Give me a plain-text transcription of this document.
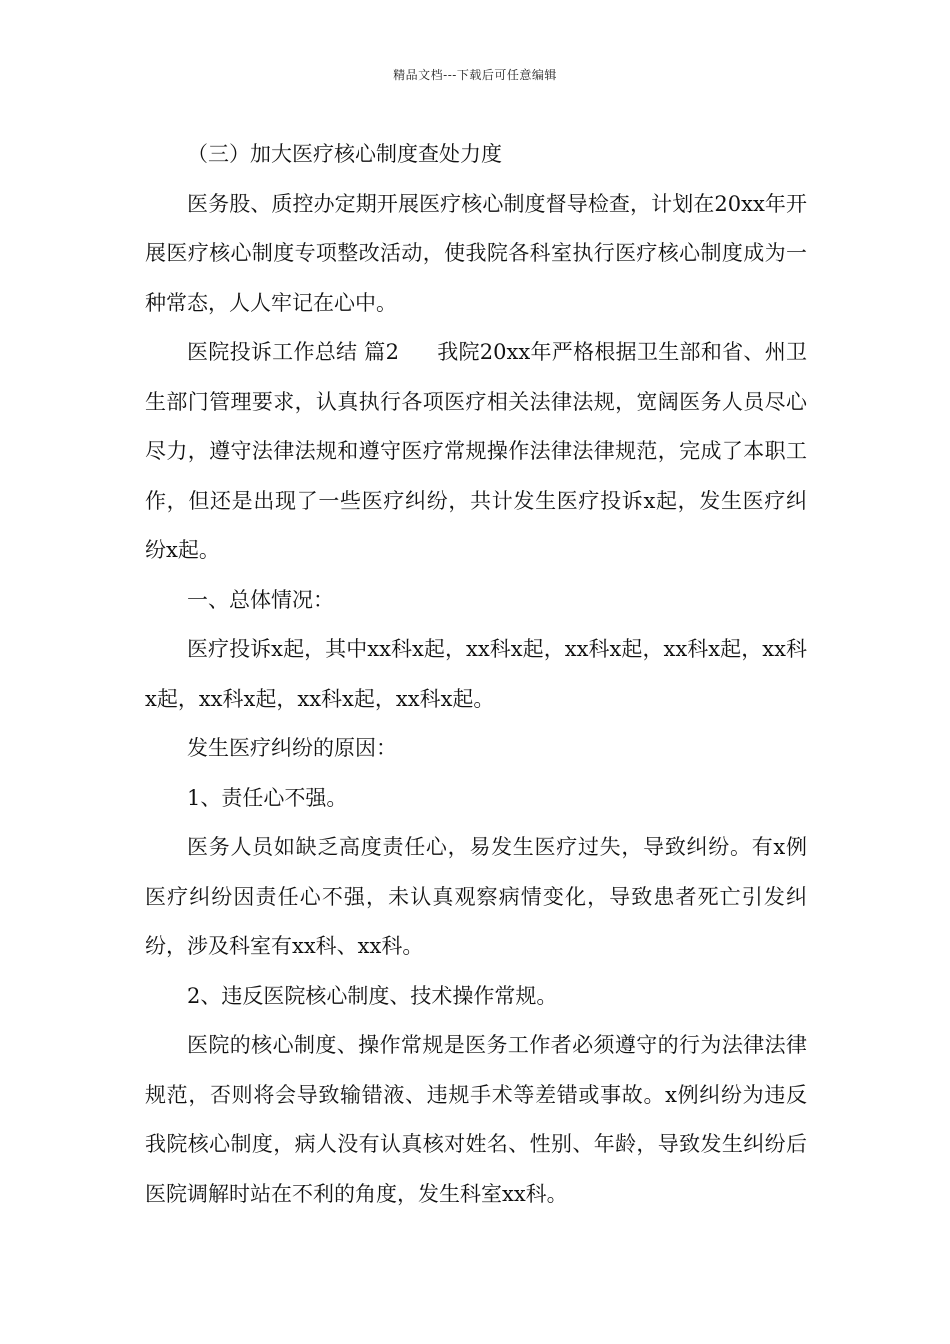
精品文档---下载后可任意编辑

（三）加大医疗核心制度查处力度

医务股、质控办定期开展医疗核心制度督导检查，计划在20xx年开展医疗核心制度专项整改活动，使我院各科室执行医疗核心制度成为一种常态，人人牢记在心中。

医院投诉工作总结 篇2 我院20xx年严格根据卫生部和省、州卫生部门管理要求，认真执行各项医疗相关法律法规，宽阔医务人员尽心尽力，遵守法律法规和遵守医疗常规操作法律法律规范，完成了本职工作，但还是出现了一些医疗纠纷，共计发生医疗投诉x起，发生医疗纠纷x起。

一、总体情况：

医疗投诉x起，其中xx科x起，xx科x起，xx科x起，xx科x起，xx科x起，xx科x起，xx科x起，xx科x起。

发生医疗纠纷的原因：

1、责任心不强。

医务人员如缺乏高度责任心，易发生医疗过失，导致纠纷。有x例医疗纠纷因责任心不强，未认真观察病情变化，导致患者死亡引发纠纷，涉及科室有xx科、xx科。

2、违反医院核心制度、技术操作常规。

医院的核心制度、操作常规是医务工作者必须遵守的行为法律法律规范，否则将会导致输错液、违规手术等差错或事故。x例纠纷为违反我院核心制度，病人没有认真核对姓名、性别、年龄，导致发生纠纷后医院调解时站在不利的角度，发生科室xx科。
